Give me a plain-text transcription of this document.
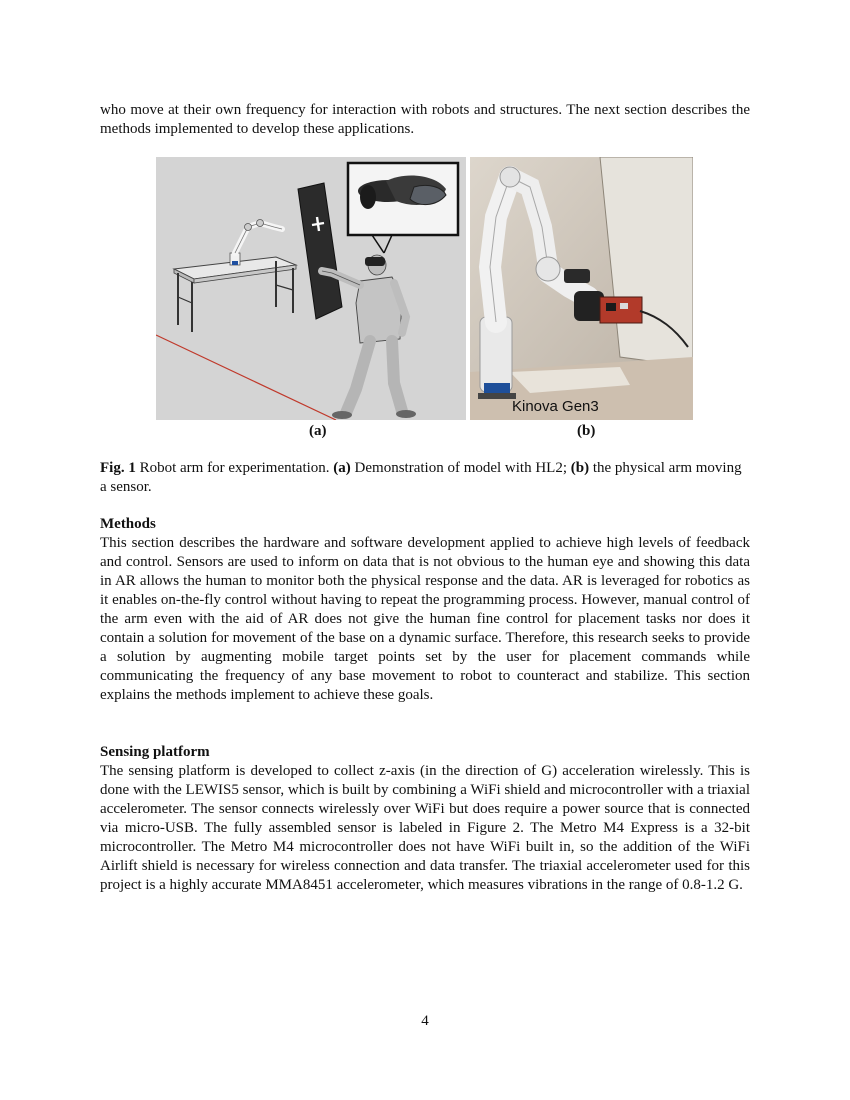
who move at their own frequency for interaction with robots and structures. The next section describes the methods implemented to develop these applications.
Kinova Gen3
(a)	(b)
Fig. 1 Robot arm for experimentation. (a) Demonstration of model with HL2; (b) the physical arm moving a sensor.
Methods
This section describes the hardware and software development applied to achieve high levels of feedback and control. Sensors are used to inform on data that is not obvious to the human eye and showing this data in AR allows the human to monitor both the physical response and the data. AR is leveraged for robotics as it enables on-the-fly control without having to repeat the programming process. However, manual control of the arm even with the aid of AR does not give the human fine control for placement tasks nor does it contain a solution for movement of the base on a dynamic surface. Therefore, this research seeks to provide a solution by augmenting mobile target points set by the user for placement commands while communicating the frequency of any base movement to robot to counteract and stabilize. This section explains the methods implement to achieve these goals.
Sensing platform
The sensing platform is developed to collect z-axis (in the direction of G) acceleration wirelessly. This is done with the LEWIS5 sensor, which is built by combining a WiFi shield and microcontroller with a triaxial accelerometer. The sensor connects wirelessly over WiFi but does require a power source that is connected via micro-USB. The fully assembled sensor is labeled in Figure 2. The Metro M4 Express is a 32-bit microcontroller. The Metro M4 microcontroller does not have WiFi built in, so the addition of the WiFi Airlift shield is necessary for wireless connection and data transfer. The triaxial accelerometer used for this project is a highly accurate MMA8451 accelerometer, which measures vibrations in the range of 0.8-1.2 G.
4
